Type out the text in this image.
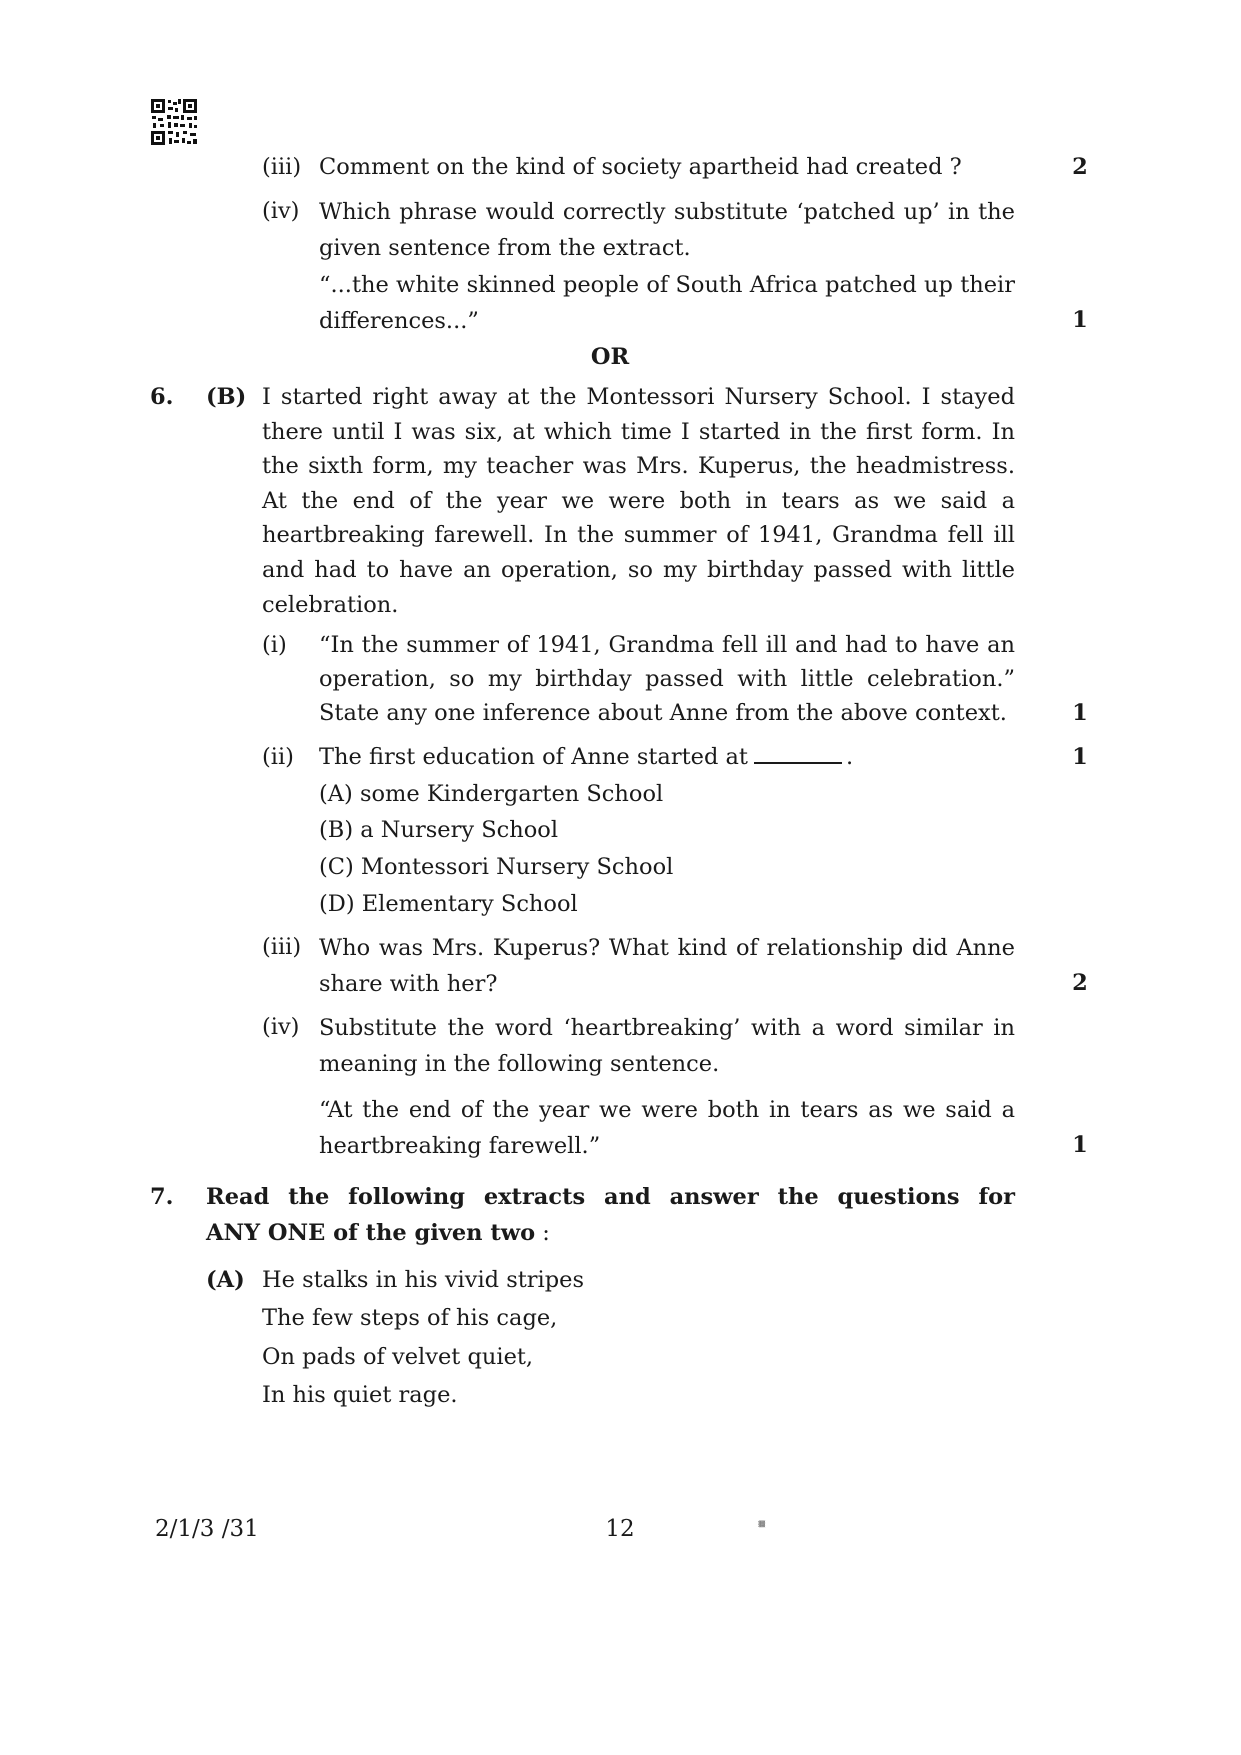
(iii) Comment on the kind of society apartheid had created ?	2
(iv) Which phrase would correctly substitute ‘patched up’ in the given sentence from the extract.
“...the white skinned people of South Africa patched up their differences...”	1
OR
6. (B) I started right away at the Montessori Nursery School. I stayed there until I was six, at which time I started in the first form. In the sixth form, my teacher was Mrs. Kuperus, the headmistress. At the end of the year we were both in tears as we said a heartbreaking farewell. In the summer of 1941, Grandma fell ill and had to have an operation, so my birthday passed with little celebration.
(i)	“In the summer of 1941, Grandma fell ill and had to have an operation, so my birthday passed with little celebration.” State any one inference about Anne from the above context.	1
(ii)	The first education of Anne started at	.	1
(A) some Kindergarten School
(B) a Nursery School
(C) Montessori Nursery School
(D) Elementary School
(iii) Who was Mrs. Kuperus? What kind of relationship did Anne share with her?	2
(iv) Substitute the word ‘heartbreaking’ with a word similar in meaning in the following sentence.
“At the end of the year we were both in tears as we said a heartbreaking farewell.”	1
7. Read the following extracts and answer the questions for
ANY ONE of the given two :
(A) He stalks in his vivid stripes
The few steps of his cage,
On pads of velvet quiet,
In his quiet rage.
2/1/3 /31	12	⧙⧙⧙⧙⧙⧙
